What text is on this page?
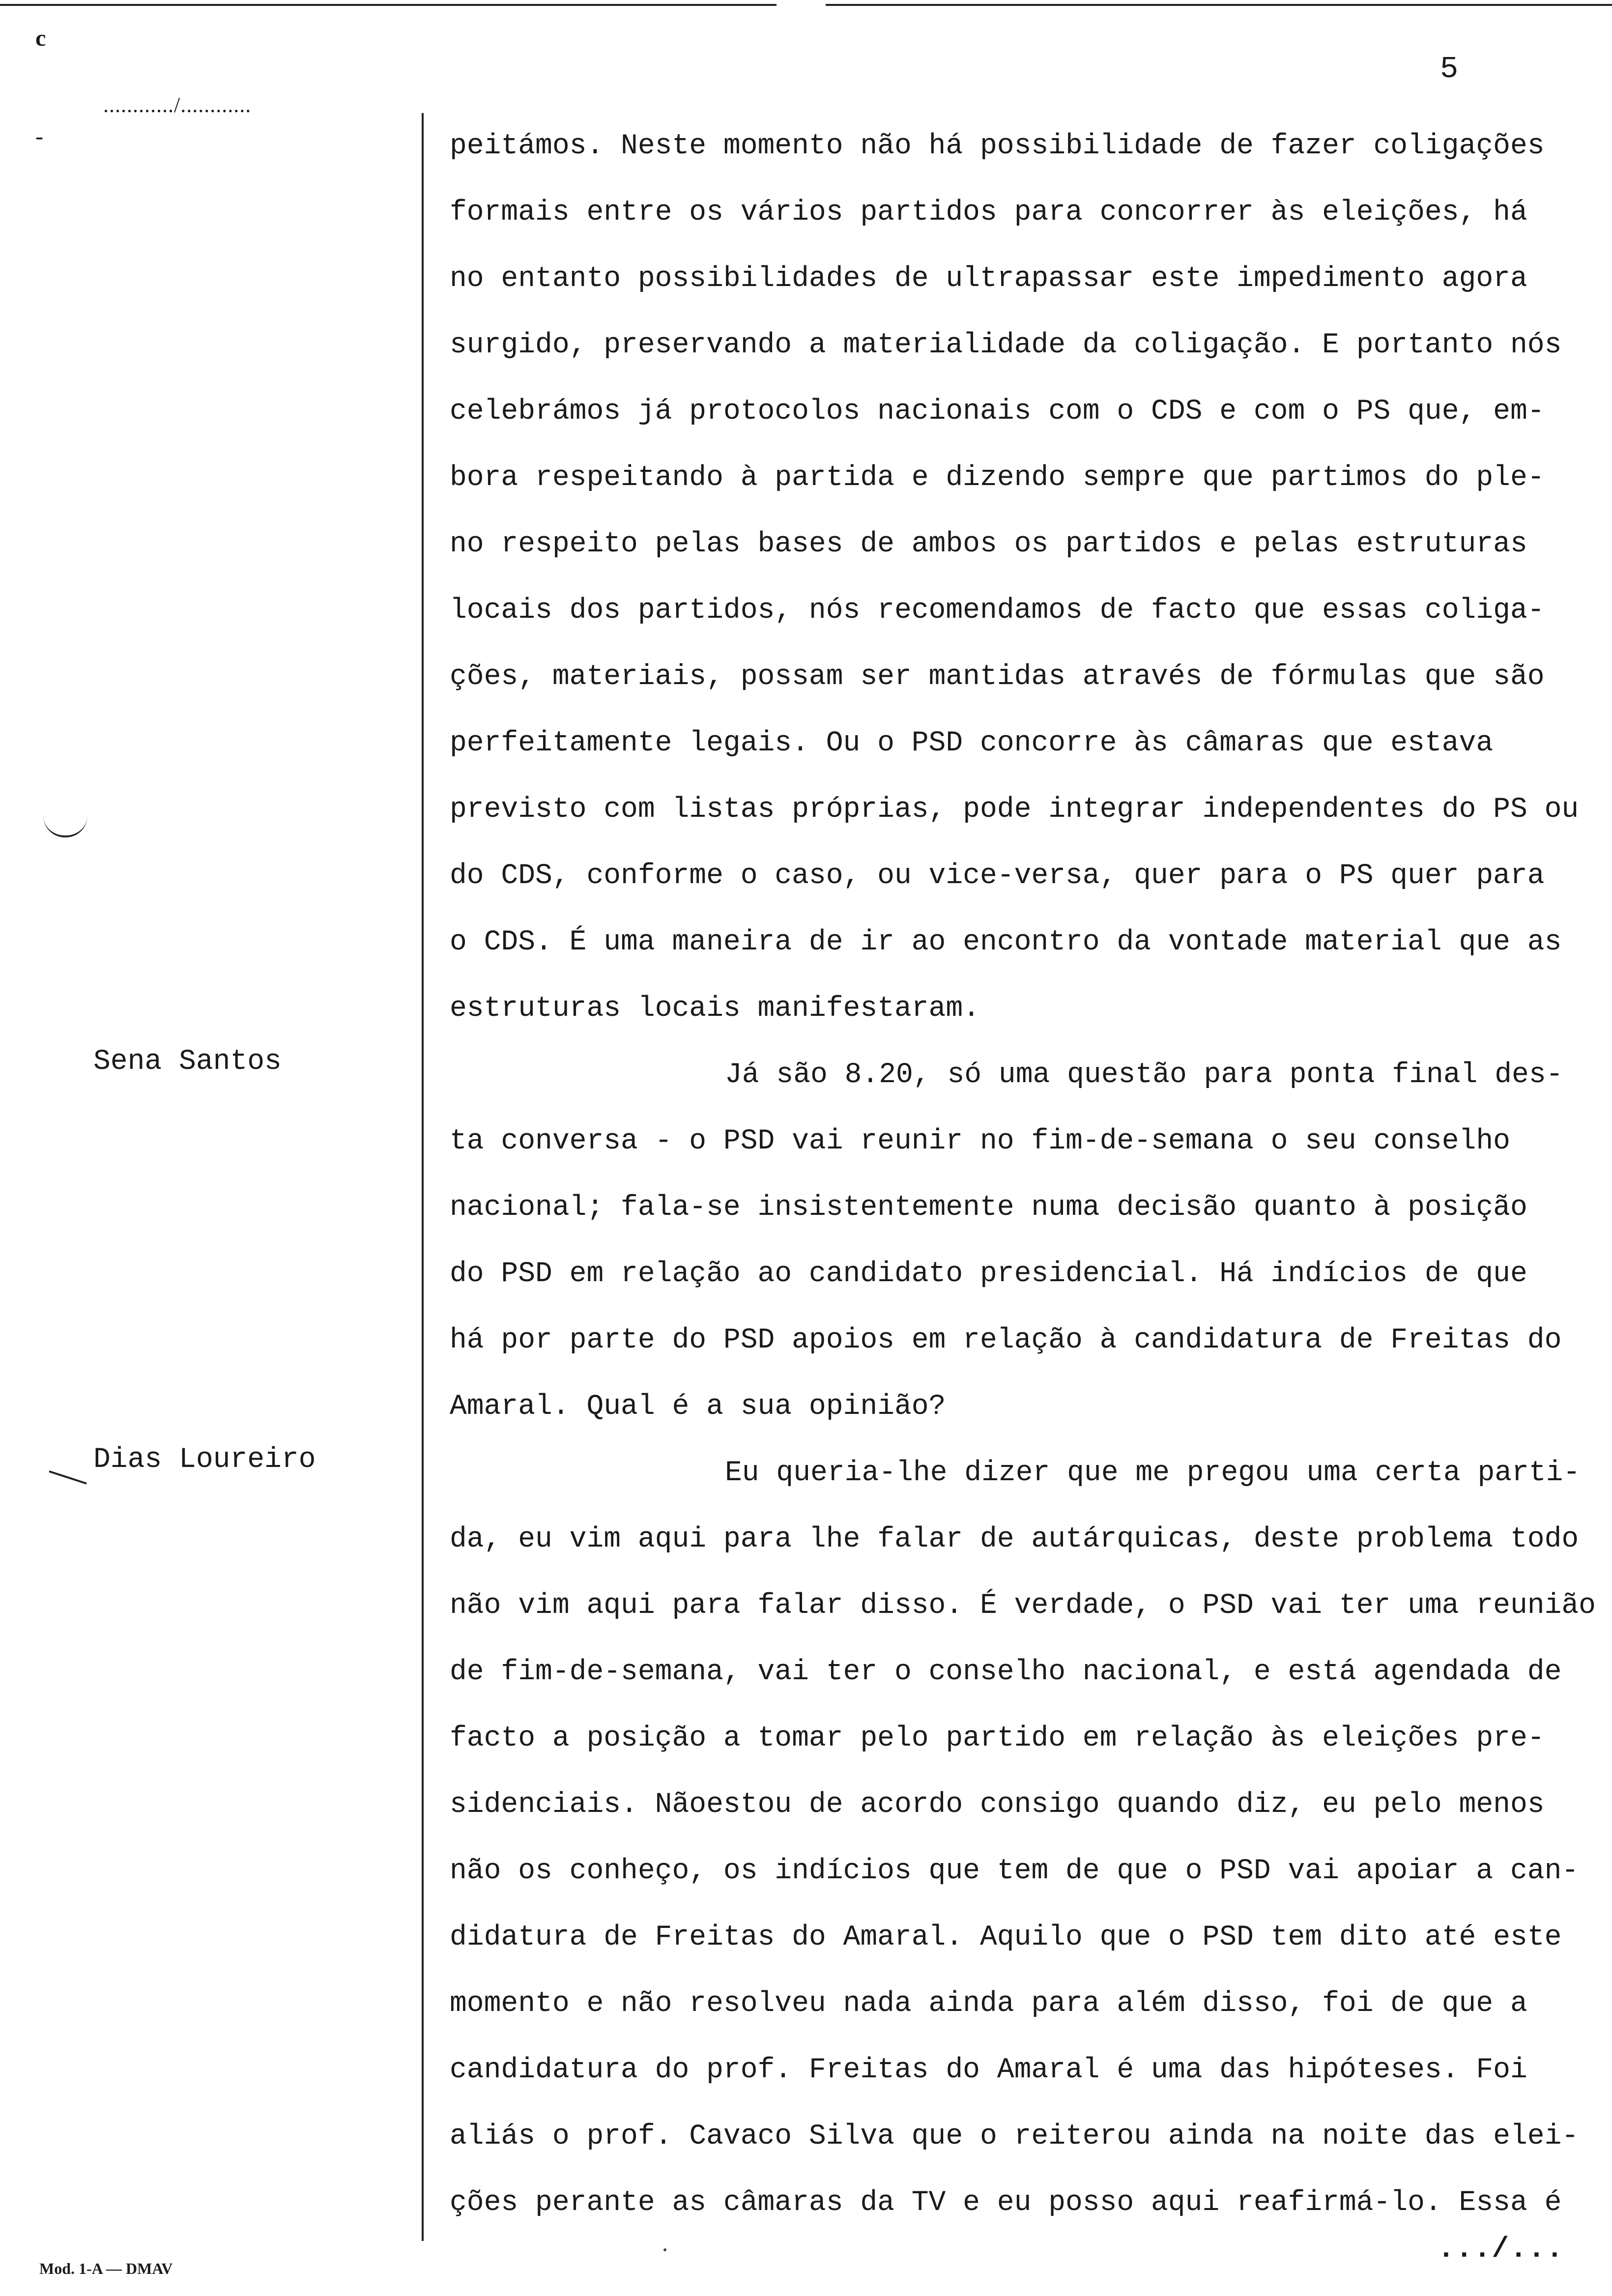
c
-
............/............
5
Sena Santos
Dias Loureiro
peitámos. Neste momento não há possibilidade de fazer coligações
formais entre os vários partidos para concorrer às eleições, há
no entanto possibilidades de ultrapassar este impedimento agora
surgido, preservando a materialidade da coligação. E portanto nós
celebrámos já protocolos nacionais com o CDS e com o PS que, em-
bora respeitando à partida e dizendo sempre que partimos do ple-
no respeito pelas bases de ambos os partidos e pelas estruturas
locais dos partidos, nós recomendamos de facto que essas coliga-
ções, materiais, possam ser mantidas através de fórmulas que são
perfeitamente legais. Ou o PSD concorre às câmaras que estava
previsto com listas próprias, pode integrar independentes do PS ou
do CDS, conforme o caso, ou vice-versa, quer para o PS quer para
o CDS. É uma maneira de ir ao encontro da vontade material que as
estruturas locais manifestaram.
Já são 8.20, só uma questão para ponta final des-
ta conversa - o PSD vai reunir no fim-de-semana o seu conselho
nacional; fala-se insistentemente numa decisão quanto à posição
do PSD em relação ao candidato presidencial. Há indícios de que
há por parte do PSD apoios em relação à candidatura de Freitas do
Amaral. Qual é a sua opinião?
Eu queria-lhe dizer que me pregou uma certa parti-
da, eu vim aqui para lhe falar de autárquicas, deste problema todo
não vim aqui para falar disso. É verdade, o PSD vai ter uma reunião
de fim-de-semana, vai ter o conselho nacional, e está agendada de
facto a posição a tomar pelo partido em relação às eleições pre-
sidenciais. Nãoestou de acordo consigo quando diz, eu pelo menos
não os conheço, os indícios que tem de que o PSD vai apoiar a can-
didatura de Freitas do Amaral. Aquilo que o PSD tem dito até este
momento e não resolveu nada ainda para além disso, foi de que a
candidatura do prof. Freitas do Amaral é uma das hipóteses. Foi
aliás o prof. Cavaco Silva que o reiterou ainda na noite das elei-
ções perante as câmaras da TV e eu posso aqui reafirmá-lo. Essa é
.../...
Mod. 1-A — DMAV
